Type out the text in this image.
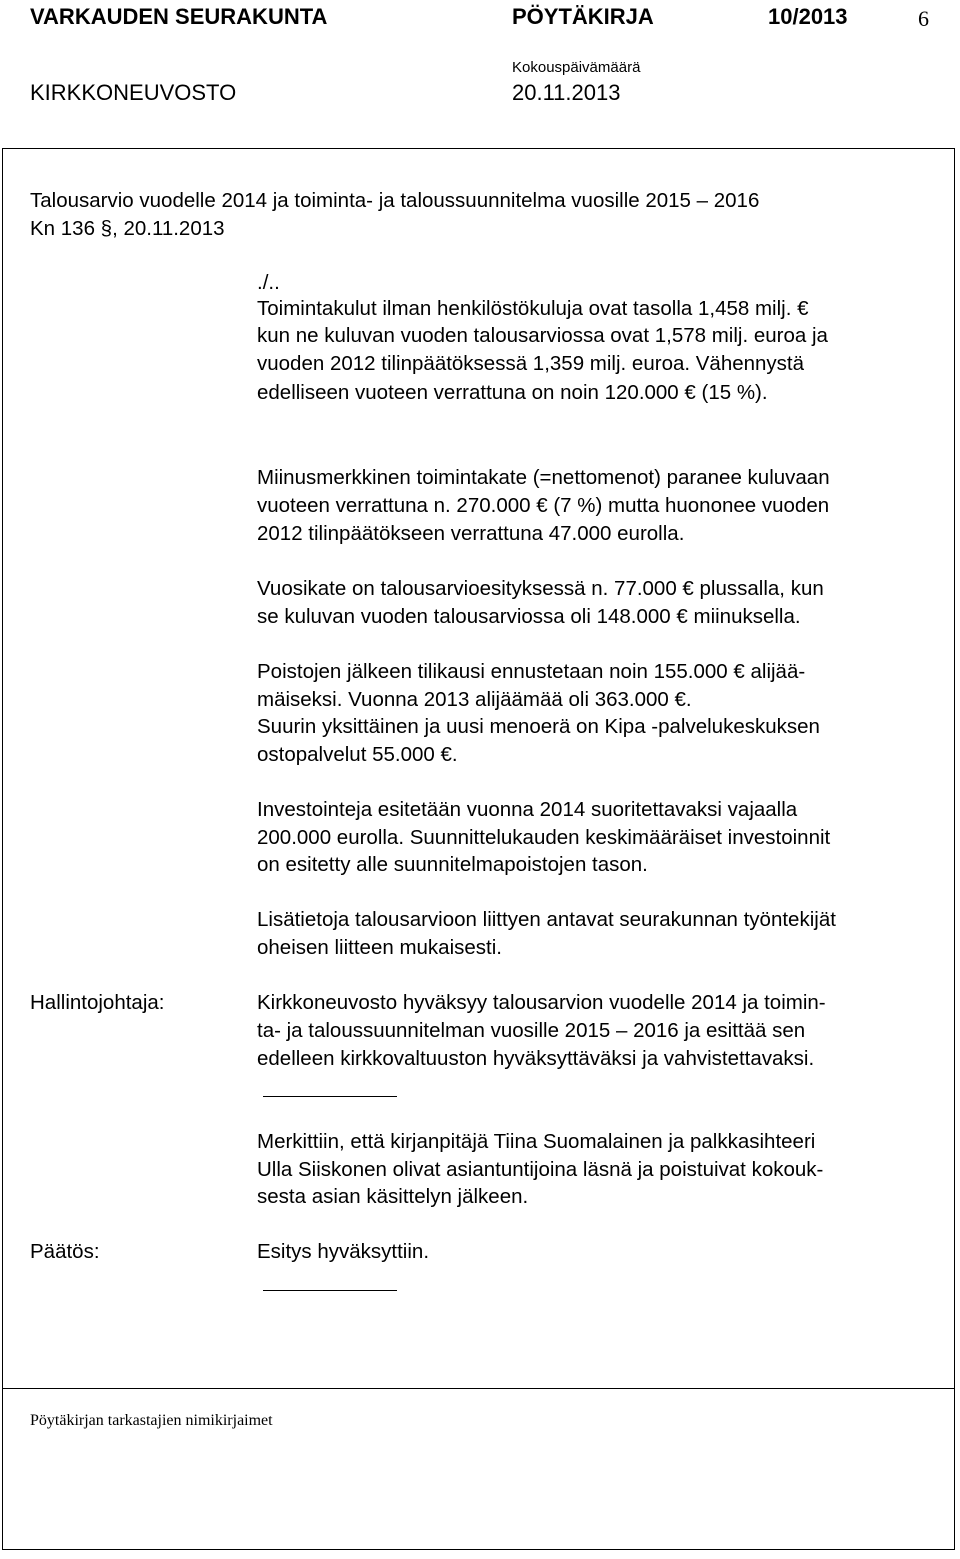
VARKAUDEN SEURAKUNTA	PÖYTÄKIRJA	10/2013	6
KIRKKONEUVOSTO
Kokouspäivämäärä
20.11.2013
Talousarvio vuodelle 2014 ja toiminta- ja taloussuunnitelma vuosille 2015 – 2016
Kn 136 §, 20.11.2013
./..
Toimintakulut ilman henkilöstökuluja ovat tasolla 1,458 milj. €
kun ne kuluvan vuoden talousarviossa ovat 1,578 milj. euroa ja
vuoden 2012 tilinpäätöksessä 1,359 milj. euroa. Vähennystä
edelliseen vuoteen verrattuna on noin 120.000 € (15 %).
Miinusmerkkinen toimintakate (=nettomenot) paranee kuluvaan
vuoteen verrattuna n. 270.000 € (7 %) mutta huononee vuoden
2012 tilinpäätökseen verrattuna 47.000 eurolla.
Vuosikate on talousarvioesityksessä n. 77.000 € plussalla, kun
se kuluvan vuoden talousarviossa oli 148.000 € miinuksella.
Poistojen jälkeen tilikausi ennustetaan noin 155.000 € alijää-
mäiseksi. Vuonna 2013 alijäämää oli 363.000 €.
Suurin yksittäinen ja uusi menoerä on Kipa -palvelukeskuksen
ostopalvelut 55.000 €.
Investointeja esitetään vuonna 2014 suoritettavaksi vajaalla
200.000 eurolla. Suunnittelukauden keskimääräiset investoinnit
on esitetty alle suunnitelmapoistojen tason.
Lisätietoja talousarvioon liittyen antavat seurakunnan työntekijät
oheisen liitteen mukaisesti.
Hallintojohtaja:	Kirkkoneuvosto hyväksyy talousarvion vuodelle 2014 ja toimin-
ta- ja taloussuunnitelman vuosille 2015 – 2016 ja esittää sen
edelleen kirkkovaltuuston hyväksyttäväksi ja vahvistettavaksi.
Merkittiin, että kirjanpitäjä Tiina Suomalainen ja palkkasihteeri
Ulla Siiskonen olivat asiantuntijoina läsnä ja poistuivat kokouk-
sesta asian käsittelyn jälkeen.
Päätös:	Esitys hyväksyttiin.
Pöytäkirjan tarkastajien nimikirjaimet
